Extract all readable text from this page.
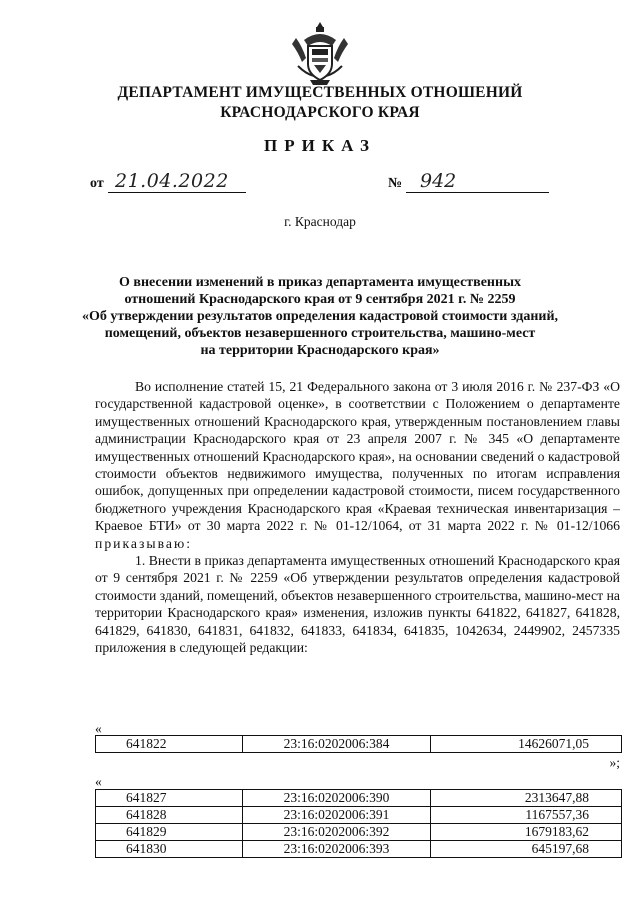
ДЕПАРТАМЕНТ ИМУЩЕСТВЕННЫХ ОТНОШЕНИЙ
КРАСНОДАРСКОГО КРАЯ
ПРИКАЗ
от 21.04.2022	№ 942
г. Краснодар
О внесении изменений в приказ департамента имущественных
отношений Краснодарского края от 9 сентября 2021 г. № 2259
«Об утверждении результатов определения кадастровой стоимости зданий,
помещений, объектов незавершенного строительства, машино-мест
на территории Краснодарского края»

Во исполнение статей 15, 21 Федерального закона от 3 июля 2016 г. № 237-ФЗ «О государственной кадастровой оценке», в соответствии с Положением о департаменте имущественных отношений Краснодарского края, утвержденным постановлением главы администрации Краснодарского края от 23 апреля 2007 г. № 345 «О департаменте имущественных отношений Краснодарского края», на основании сведений о кадастровой стоимости объектов недвижимого имущества, полученных по итогам исправления ошибок, допущенных при определении кадастровой стоимости, писем государственного бюджетного учреждения Краснодарского края «Краевая техническая инвентаризация – Краевое БТИ» от 30 марта 2022 г. № 01-12/1064, от 31 марта 2022 г. № 01-12/1066 приказываю:

1. Внести в приказ департамента имущественных отношений Краснодарского края от 9 сентября 2021 г. № 2259 «Об утверждении результатов определения кадастровой стоимости зданий, помещений, объектов незавершенного строительства, машино-мест на территории Краснодарского края» изменения, изложив пункты 641822, 641827, 641828, 641829, 641830, 641831, 641832, 641833, 641834, 641835, 1042634, 2449902, 2457335 приложения в следующей редакции:

«
641822	23:16:0202006:384	14626071,05
»;
«
641827	23:16:0202006:390	2313647,88
641828	23:16:0202006:391	1167557,36
641829	23:16:0202006:392	1679183,62
641830	23:16:0202006:393	645197,68
